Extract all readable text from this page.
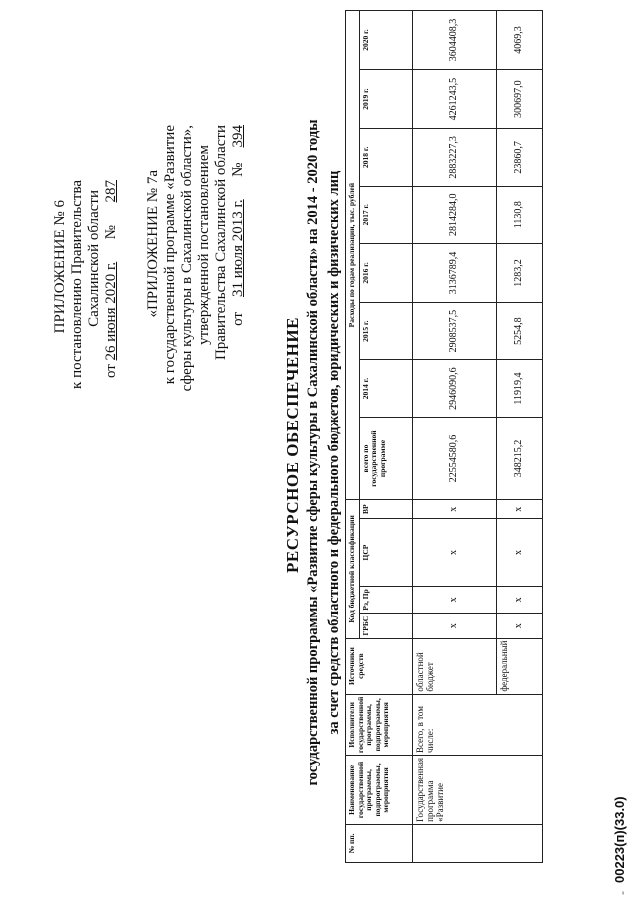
ПРИЛОЖЕНИЕ № 6 к постановлению Правительства Сахалинской области
от 26 июня 2020 г.      №      287 «ПРИЛОЖЕНИЕ № 7а к государственной программе «Развитие сферы культуры в Сахалинской области», утвержденной постановлением Правительства Сахалинской области от    31 июля 2013 г.      №    394
РЕСУРСНОЕ ОБЕСПЕЧЕНИЕ государственной программы «Развитие сферы культуры в Сахалинской области» на 2014 - 2020 годы за счет средств областного и федерального бюджетов, юридических и физических лиц
№ пп.	Наименование государственной программы, подпрограммы, мероприятия	Исполнители государственной программы, подпрограммы, мероприятия	Источники средств	Код бюджетной классификации				Расходы по годам реализации, тыс. рублей							
				ГРБС	Рз, Пр	ЦСР	ВР	всего по государственной программе	2014 г.	2015 г.	2016 г.	2017 г.	2018 г.	2019 г.	2020 г.

	Государственная программа «Развитие	Всего, в том числе:	областной бюджет	х	х	х	х	22554580,6	2946090,6	2908537,5	3136789,4	2814284,0	2883227,3	4261243,5	3604408,3
			федеральный	х	х	х	х	348215,2	11919,4	5254,8	1283,2	1130,8	23860,7	300697,0	4069,3
00223(п)(33.0)
‑
